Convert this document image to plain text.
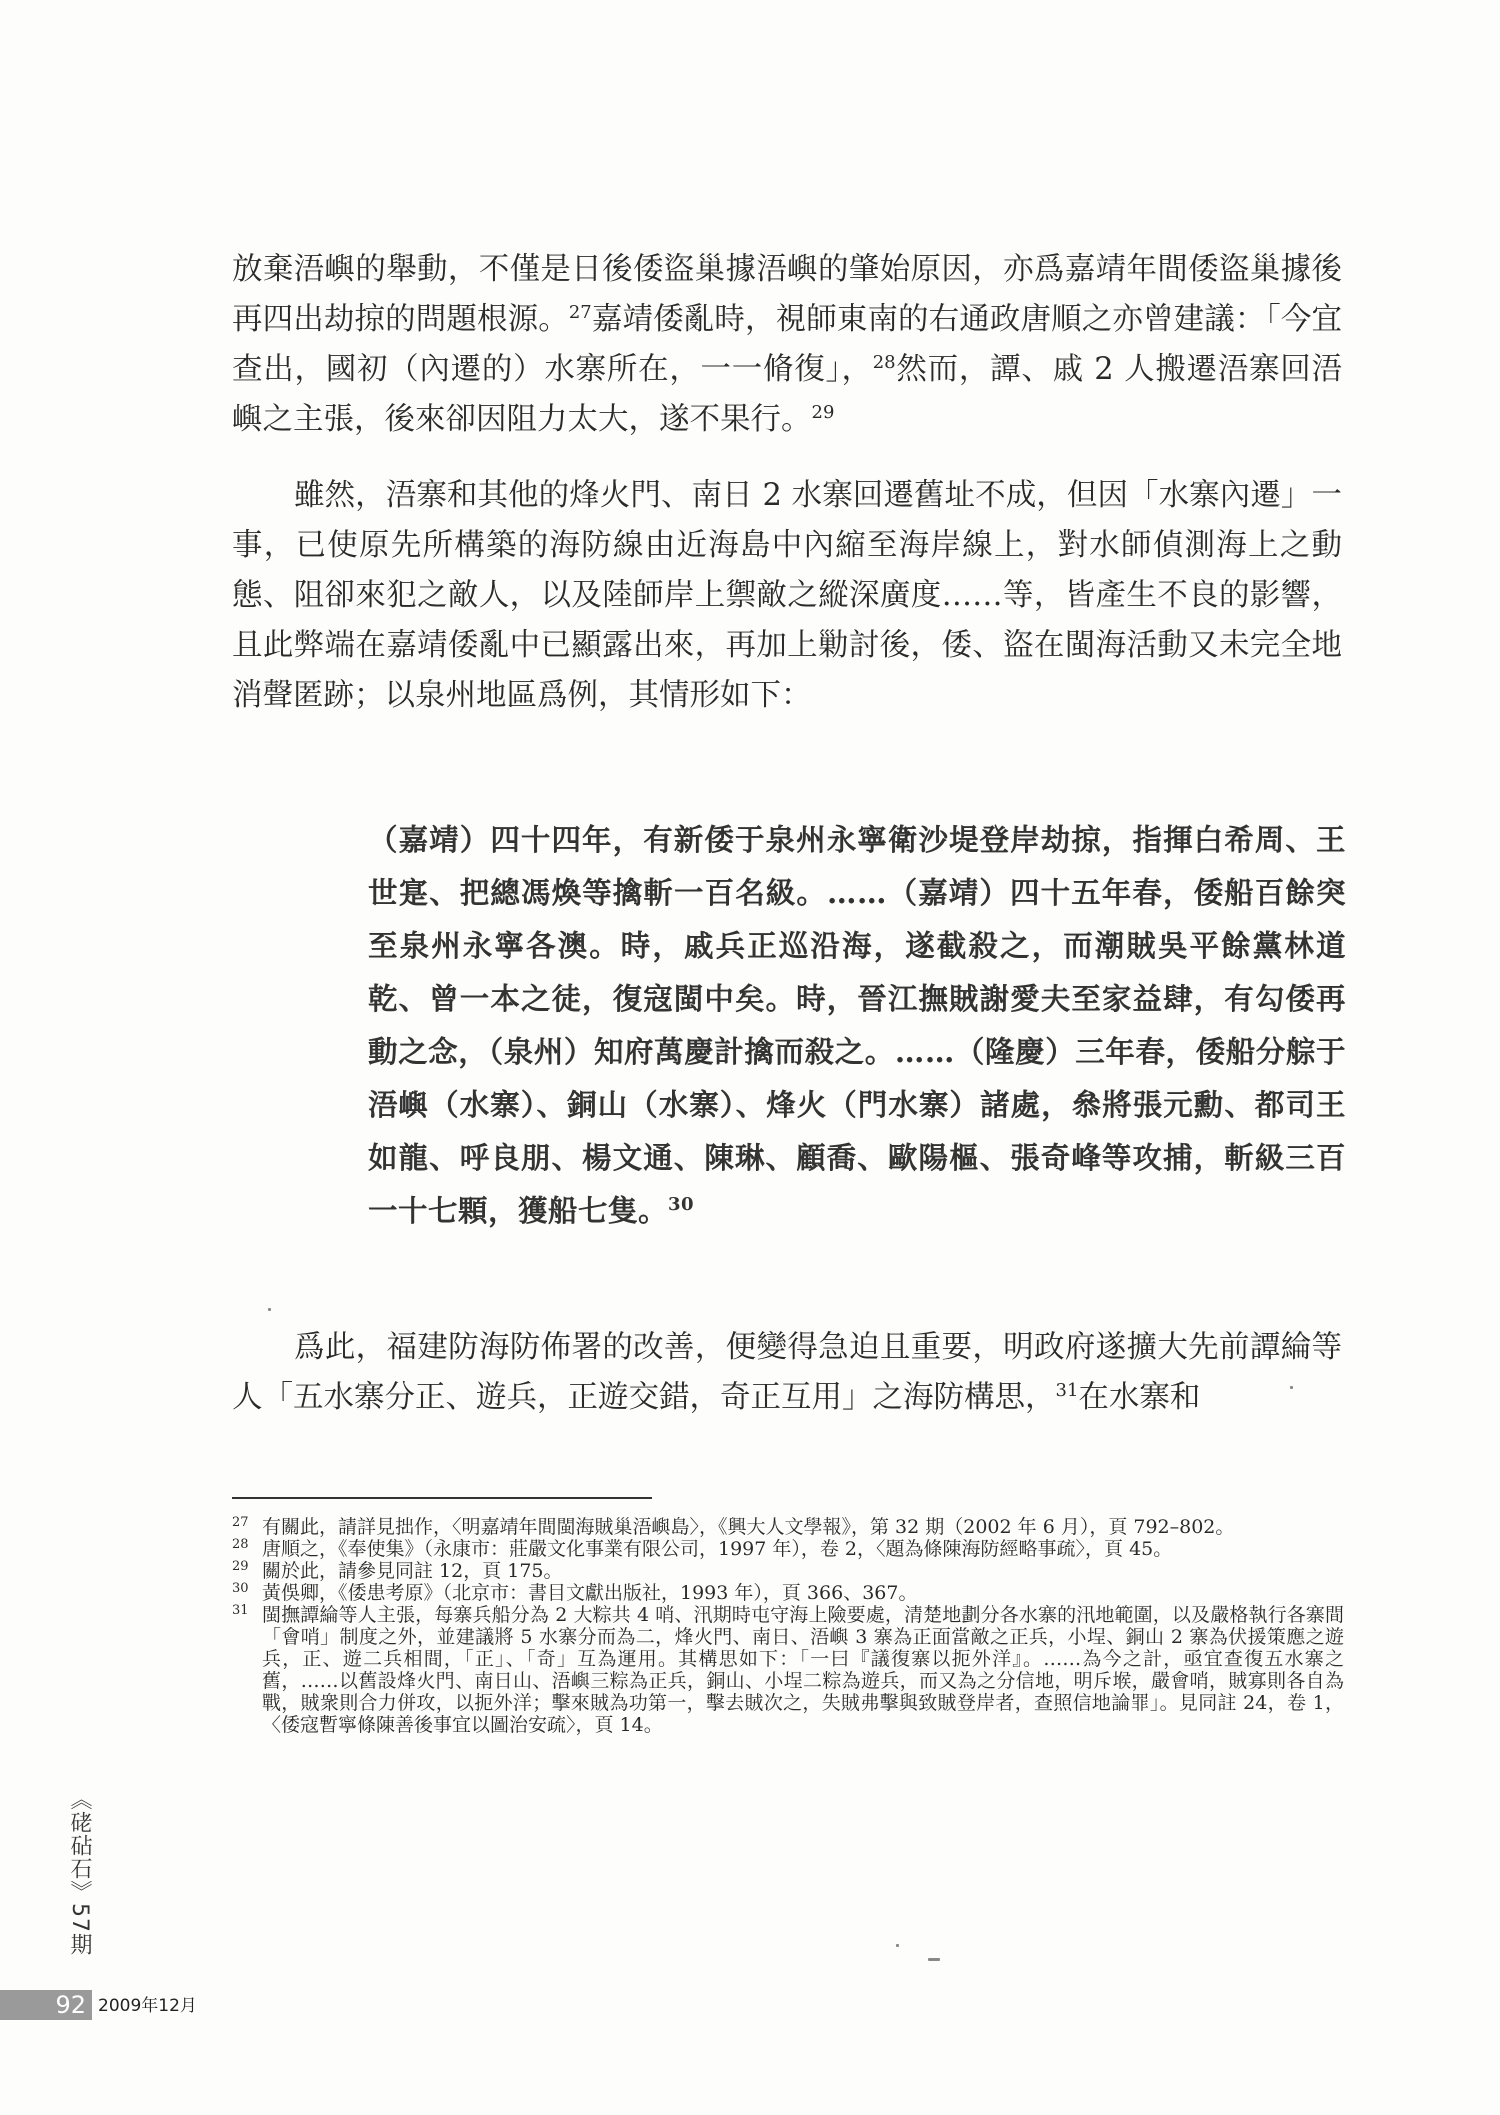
放棄浯嶼的舉動，不僅是日後倭盜巢據浯嶼的肇始原因，亦爲嘉靖年間倭盜巢據後再四出劫掠的問題根源。$^{27}$嘉靖倭亂時，視師東南的右通政唐順之亦曾建議：「今宜查出，國初（內遷的）水寨所在，一一脩復」，$^{28}$然而，譚、戚 2 人搬遷浯寨回浯嶼之主張，後來卻因阻力太大，遂不果行。$^{29}$

雖然，浯寨和其他的烽火門、南日 2 水寨回遷舊址不成，但因「水寨內遷」一事，已使原先所構築的海防線由近海島中內縮至海岸線上，對水師偵測海上之動態、阻卻來犯之敵人，以及陸師岸上禦敵之縱深廣度……等，皆產生不良的影響，且此弊端在嘉靖倭亂中已顯露出來，再加上勦討後，倭、盜在閩海活動又未完全地消聲匿跡；以泉州地區爲例，其情形如下：

（嘉靖）四十四年，有新倭于泉州永寧衛沙堤登岸劫掠，指揮白希周、王世寔、把總馮煥等擒斬一百名級。……（嘉靖）四十五年春，倭船百餘突至泉州永寧各澳。時，戚兵正巡沿海，遂截殺之，而潮賊吳平餘黨林道乾、曾一本之徒，復寇閩中矣。時，晉江撫賊謝愛夫至家益肆，有勾倭再動之念，（泉州）知府萬慶計擒而殺之。……（隆慶）三年春，倭船分䑸于浯嶼（水寨）、銅山（水寨）、烽火（門水寨）諸處，叅將張元勳、都司王如龍、呼良朋、楊文通、陳琳、顧喬、歐陽樞、張奇峰等攻捕，斬級三百一十七顆，獲船七隻。$^{30}$

爲此，福建防海防佈署的改善，便變得急迫且重要，明政府遂擴大先前譚綸等人「五水寨分正、遊兵，正遊交錯，奇正互用」之海防構思，$^{31}$在水寨和

27 有關此，請詳見拙作，〈明嘉靖年間閩海賊巢浯嶼島〉，《興大人文學報》，第 32 期（2002 年 6 月），頁 792–802。
28 唐順之，《奉使集》（永康市：莊嚴文化事業有限公司，1997 年），卷 2，〈題為條陳海防經略事疏〉，頁 45。
29 關於此，請參見同註 12，頁 175。
30 黃俁卿，《倭患考原》（北京市：書目文獻出版社，1993 年），頁 366、367。
31 閩撫譚綸等人主張，每寨兵船分為 2 大粽共 4 哨、汛期時屯守海上險要處，清楚地劃分各水寨的汛地範圍，以及嚴格執行各寨間「會哨」制度之外，並建議將 5 水寨分而為二，烽火門、南日、浯嶼 3 寨為正面當敵之正兵，小埕、銅山 2 寨為伏援策應之遊兵，正、遊二兵相間，「正」、「奇」互為運用。其構思如下：「一曰『議復寨以扼外洋』。……為今之計，亟宜查復五水寨之舊，……以舊設烽火門、南日山、浯嶼三粽為正兵，銅山、小埕二粽為遊兵，而又為之分信地，明斥堠，嚴會哨，賊寡則各自為戰，賊衆則合力併攻，以扼外洋；擊來賊為功第一，擊去賊次之，失賊弗擊與致賊登岸者，查照信地論罪」。見同註 24，卷 1，〈倭寇暫寧條陳善後事宜以圖治安疏〉，頁 14。
《硓砧石》57期
92 2009年12月
